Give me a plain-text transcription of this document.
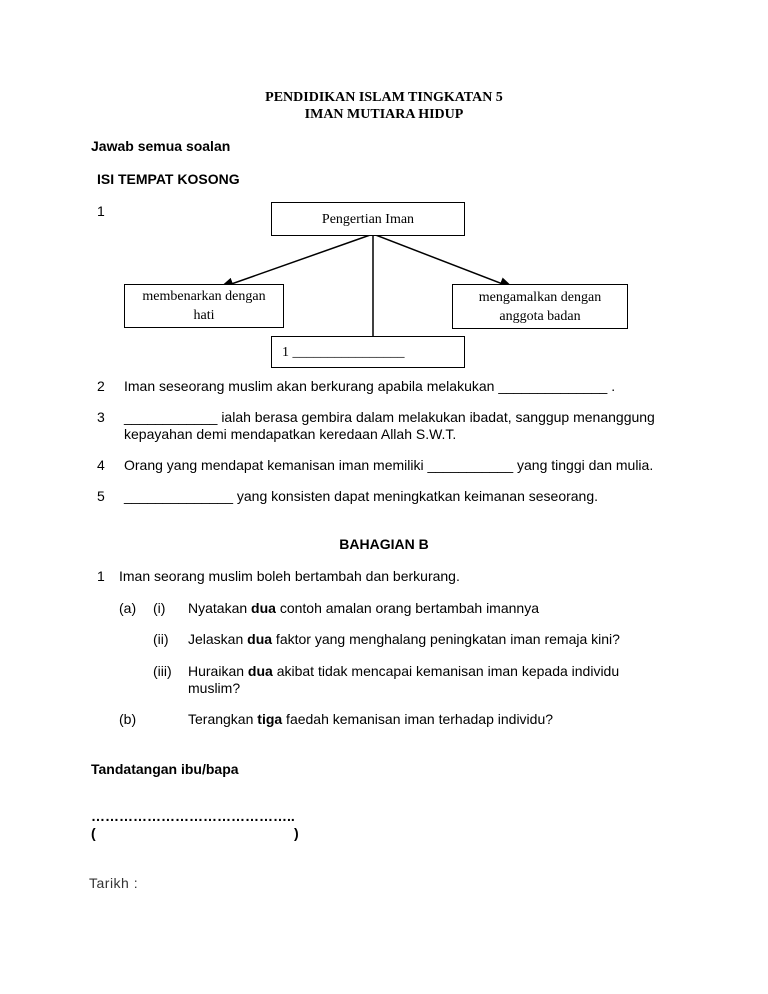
PENDIDIKAN ISLAM TINGKATAN 5
IMAN MUTIARA HIDUP
Jawab semua soalan
ISI TEMPAT KOSONG
1	Pengertian Iman
membenarkan dengan
hati
mengamalkan dengan
anggota badan
1 ________________
2 Iman seseorang muslim akan berkurang apabila melakukan ______________ .
3 ____________ ialah berasa gembira dalam melakukan ibadat, sanggup menanggung
kepayahan demi mendapatkan keredaan Allah S.W.T.
4 Orang yang mendapat kemanisan iman memiliki ___________ yang tinggi dan mulia.
5 ______________ yang konsisten dapat meningkatkan keimanan seseorang.
BAHAGIAN B
1 Iman seorang muslim boleh bertambah dan berkurang.
(a) (i) Nyatakan dua contoh amalan orang bertambah imannya
(ii) Jelaskan dua faktor yang menghalang peningkatan iman remaja kini?
(iii) Huraikan dua akibat tidak mencapai kemanisan iman kepada individu
muslim?
(b)	Terangkan tiga faedah kemanisan iman terhadap individu?
Tandatangan ibu/bapa
……………………………………..
(	)
Tarikh :
